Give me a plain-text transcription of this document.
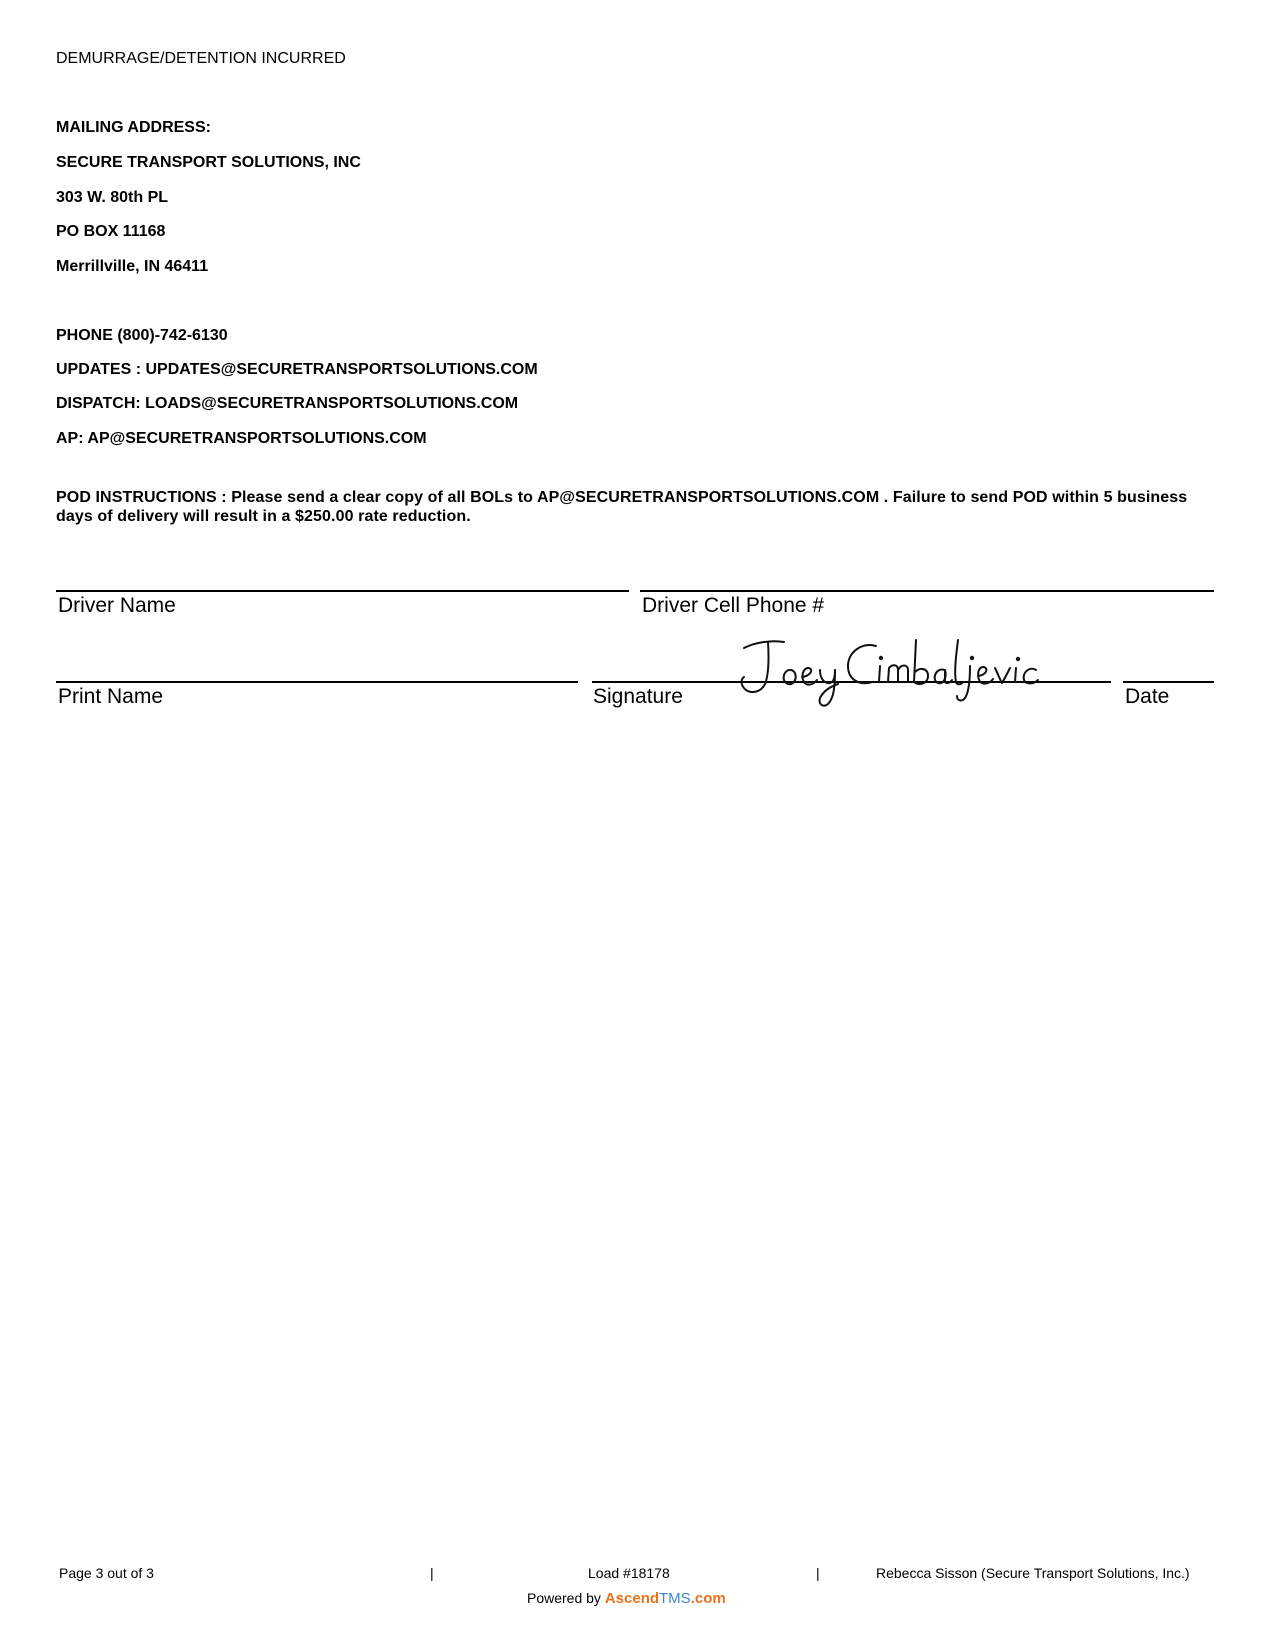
DEMURRAGE/DETENTION INCURRED
MAILING ADDRESS:
SECURE TRANSPORT SOLUTIONS, INC
303 W. 80th PL
PO BOX 11168
Merrillville, IN 46411
PHONE (800)-742-6130
UPDATES : UPDATES@SECURETRANSPORTSOLUTIONS.COM
DISPATCH: LOADS@SECURETRANSPORTSOLUTIONS.COM
AP: AP@SECURETRANSPORTSOLUTIONS.COM
POD INSTRUCTIONS : Please send a clear copy of all BOLs to AP@SECURETRANSPORTSOLUTIONS.COM . Failure to send POD within 5 business days of delivery will result in a $250.00 rate reduction.
Driver Name	Driver Cell Phone #
Print Name	Signature	Date
Page 3 out of 3	|	Load #18178	|	Rebecca Sisson (Secure Transport Solutions, Inc.)
Powered by AscendTMS.com
